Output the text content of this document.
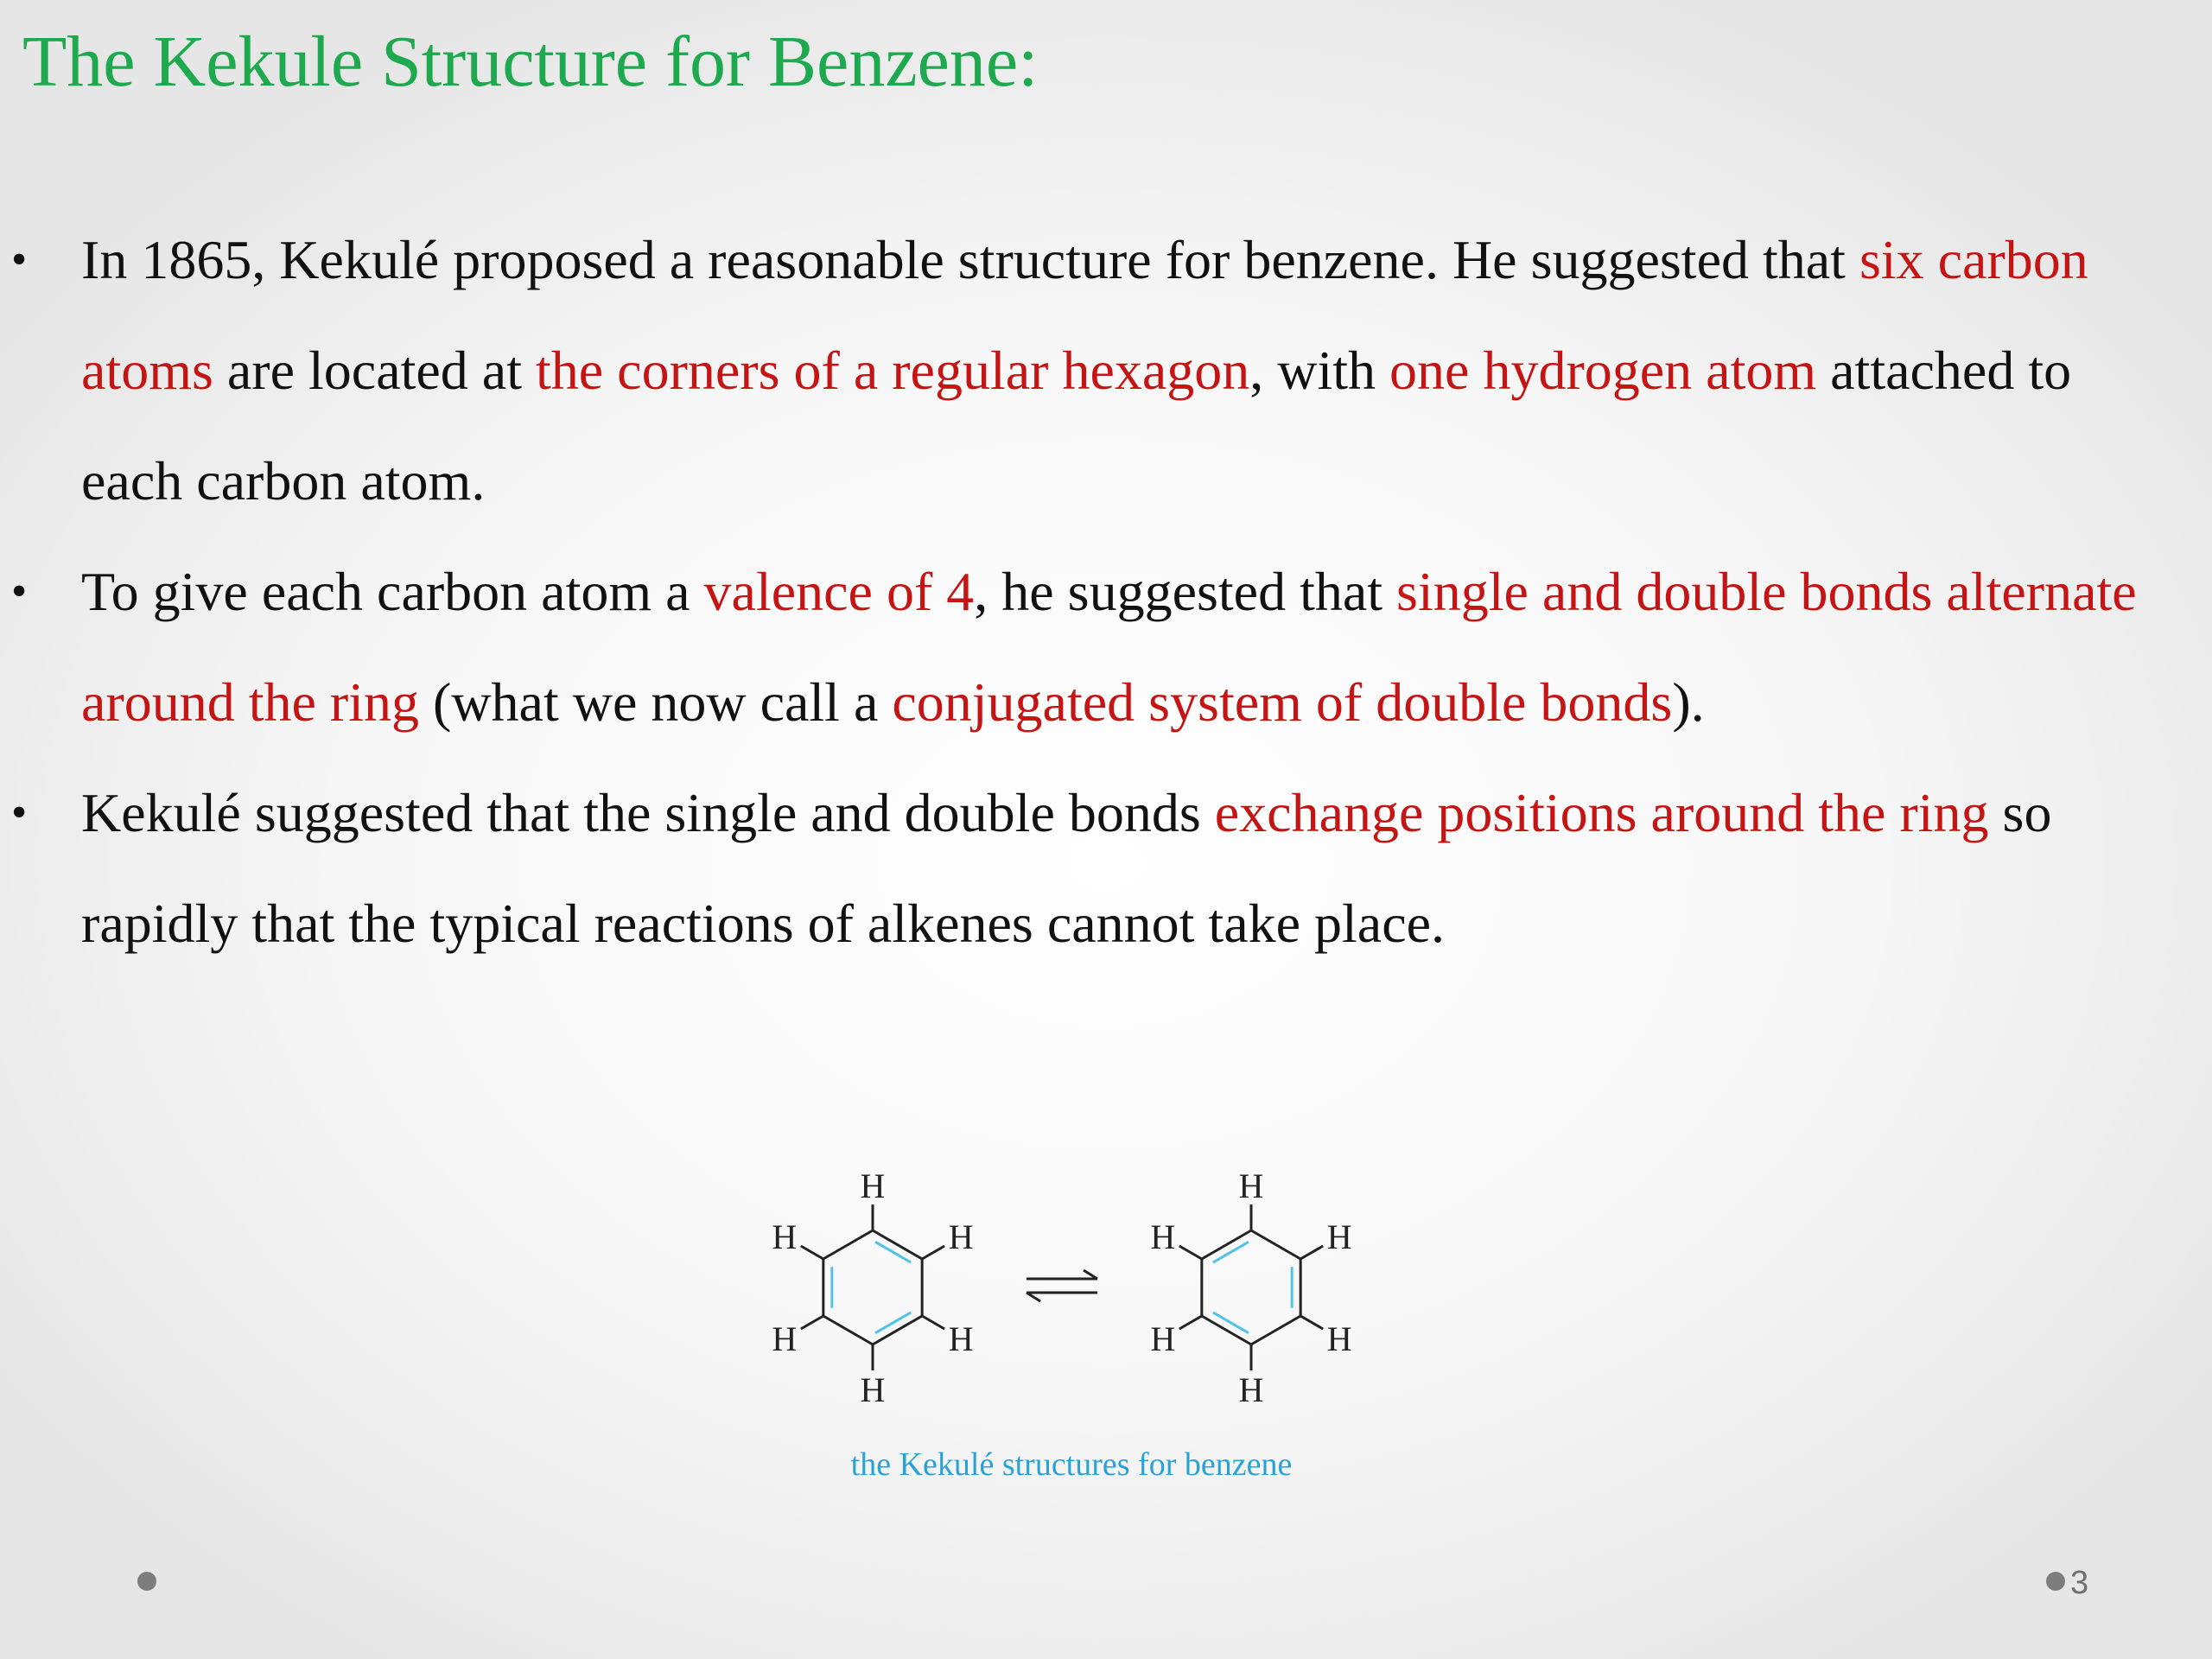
The Kekule Structure for Benzene:
• In 1865, Kekulé proposed a reasonable structure for benzene. He suggested that six carbon atoms are located at the corners of a regular hexagon, with one hydrogen atom attached to each carbon atom.
• To give each carbon atom a valence of 4, he suggested that single and double bonds alternate around the ring (what we now call a conjugated system of double bonds).
• Kekulé suggested that the single and double bonds exchange positions around the ring so rapidly that the typical reactions of alkenes cannot take place.
H
H
H
H
H
H
H
H
H
H
H
H
the Kekulé structures for benzene
3
